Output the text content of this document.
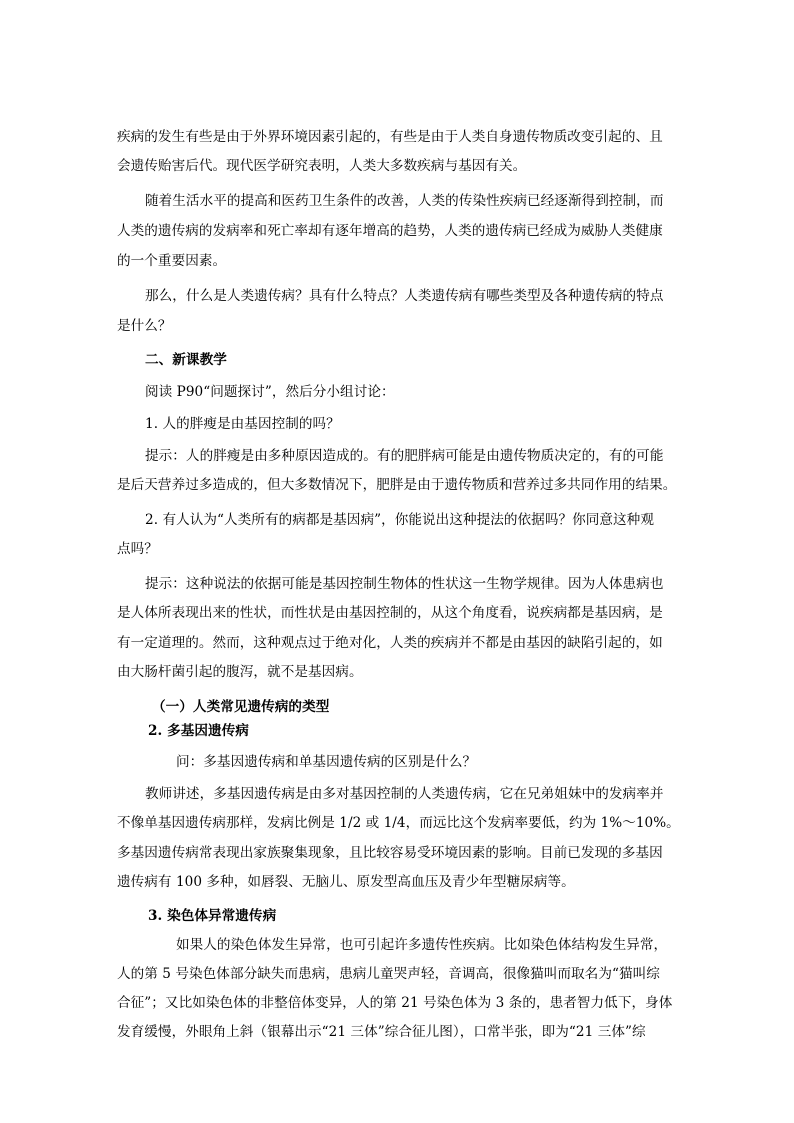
疾病的发生有些是由于外界环境因素引起的，有些是由于人类自身遗传物质改变引起的、且
会遗传贻害后代。现代医学研究表明，人类大多数疾病与基因有关。
随着生活水平的提高和医药卫生条件的改善，人类的传染性疾病已经逐渐得到控制，而
人类的遗传病的发病率和死亡率却有逐年增高的趋势，人类的遗传病已经成为威胁人类健康
的一个重要因素。
那么，什么是人类遗传病？具有什么特点？人类遗传病有哪些类型及各种遗传病的特点
是什么？
二、新课教学
阅读 P90“问题探讨”，然后分小组讨论：
1. 人的胖瘦是由基因控制的吗？
提示：人的胖瘦是由多种原因造成的。有的肥胖病可能是由遗传物质决定的，有的可能
是后天营养过多造成的，但大多数情况下，肥胖是由于遗传物质和营养过多共同作用的结果。
2. 有人认为“人类所有的病都是基因病”，你能说出这种提法的依据吗？你同意这种观
点吗？
提示：这种说法的依据可能是基因控制生物体的性状这一生物学规律。因为人体患病也
是人体所表现出来的性状，而性状是由基因控制的，从这个角度看，说疾病都是基因病，是
有一定道理的。然而，这种观点过于绝对化，人类的疾病并不都是由基因的缺陷引起的，如
由大肠杆菌引起的腹泻，就不是基因病。
（一）人类常见遗传病的类型
2. 多基因遗传病
问：多基因遗传病和单基因遗传病的区别是什么？
教师讲述，多基因遗传病是由多对基因控制的人类遗传病，它在兄弟姐妹中的发病率并
不像单基因遗传病那样，发病比例是 1/2 或 1/4，而远比这个发病率要低，约为 1%～10%。
多基因遗传病常表现出家族聚集现象，且比较容易受环境因素的影响。目前已发现的多基因
遗传病有 100 多种，如唇裂、无脑儿、原发型高血压及青少年型糖尿病等。
3. 染色体异常遗传病
如果人的染色体发生异常，也可引起许多遗传性疾病。比如染色体结构发生异常，
人的第 5 号染色体部分缺失而患病，患病儿童哭声轻，音调高，很像猫叫而取名为“猫叫综
合征”；又比如染色体的非整倍体变异，人的第 21 号染色体为 3 条的，患者智力低下，身体
发育缓慢，外眼角上斜（银幕出示“21 三体”综合征儿图），口常半张，即为“21 三体”综
